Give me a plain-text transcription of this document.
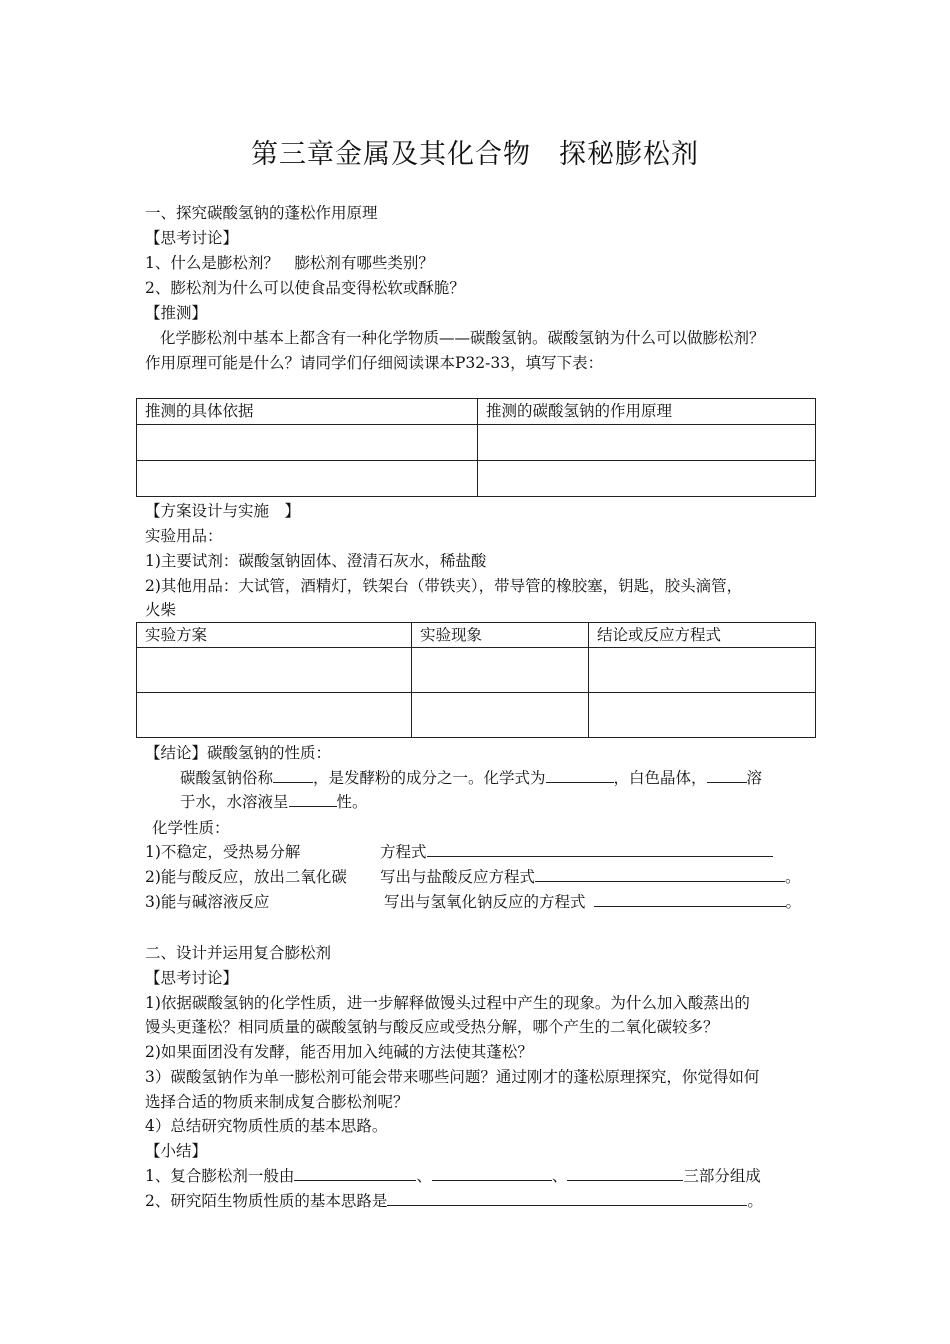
第三章金属及其化合物　探秘膨松剂
一、探究碳酸氢钠的蓬松作用原理
【思考讨论】
1、什么是膨松剂？　膨松剂有哪些类别？
2、膨松剂为什么可以使食品变得松软或酥脆？
【推测】
化学膨松剂中基本上都含有一种化学物质——碳酸氢钠。碳酸氢钠为什么可以做膨松剂？
作用原理可能是什么？请同学们仔细阅读课本P32-33，填写下表：
推测的具体依据	推测的碳酸氢钠的作用原理

【方案设计与实施　】
实验用品：
1)主要试剂：碳酸氢钠固体、澄清石灰水，稀盐酸
2)其他用品：大试管，酒精灯，铁架台（带铁夹），带导管的橡胶塞，钥匙，胶头滴管，
火柴
实验方案	实验现象	结论或反应方程式

【结论】碳酸氢钠的性质：
碳酸氢钠俗称	，是发酵粉的成分之一。化学式为	，白色晶体，	溶
于水，水溶液呈	性。
化学性质：
1)不稳定，受热易分解	方程式
2)能与酸反应，放出二氧化碳 写出与盐酸反应方程式	。
3)能与碱溶液反应	写出与氢氧化钠反应的方程式	。
二、设计并运用复合膨松剂
【思考讨论】
1)依据碳酸氢钠的化学性质，进一步解释做馒头过程中产生的现象。为什么加入酸蒸出的
馒头更蓬松？相同质量的碳酸氢钠与酸反应或受热分解，哪个产生的二氧化碳较多？
2)如果面团没有发酵，能否用加入纯碱的方法使其蓬松？
3）碳酸氢钠作为单一膨松剂可能会带来哪些问题？通过刚才的蓬松原理探究，你觉得如何
选择合适的物质来制成复合膨松剂呢？
4）总结研究物质性质的基本思路。
【小结】
1、复合膨松剂一般由	、	、	三部分组成
2、研究陌生物质性质的基本思路是	。
